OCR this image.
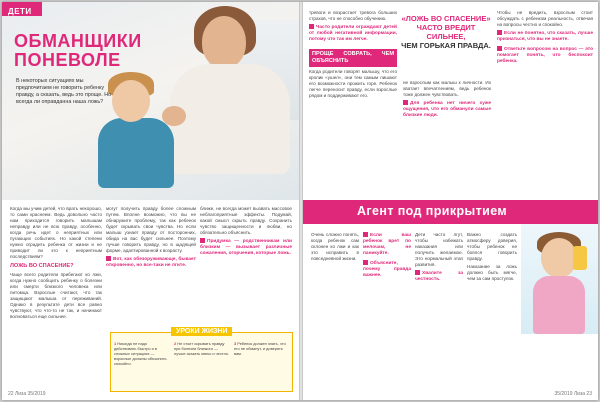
ДЕТИ
ОБМАНЩИКИ ПОНЕВОЛЕ
В некоторых ситуациях мы предпочитаем не говорить ребенку правду, а сказать, ведь это проще. Но всегда ли оправданна наша ложь?

Когда мы учим детей, что врать нехорошо, то сами краснеем. Ведь довольно часто нам приходится говорить малышам неправду или не всю правду, особенно, когда речь идет о неприятных или пугающих событиях. Но какой степени нужно оградить ребенка от жизни и не приводит ли это к неприятным последствиям?

ЛОЖЬ ВО СПАСЕНИЕ?

Чаще всего родители прибегают ко лжи, когда нужно сообщить ребенку о болезни или смерти близкого человека или питомца. Взрослые считают, что так защищают малыша от переживаний. Однако в результате дети все равно чувствуют, что что-то не так, и начинают волноваться еще сильнее.

могут получить правду более сложным путем. Вполне возможно, что вы не обнаружите проблему, так как ребенок будет скрывать свои чувства. Но если малыш узнает правду от посторонних, обида на вас будет сильнее. Поэтому лучше говорить правду, но в щадящей форме, адаптированной к возрасту.

Вот, как обезоруживающе, бывает откровенно, но все-таки не лгите.

ближе, не всегда может вызвать массовое неблагоприятные эффекты. Подумай, какой смысл скрыть правду. Сохранить чувство защищенности и любви, но обязательно объяснить.

Придумка — родственникам или близким — вызывает различные сожаления, огорчения, которые ложь.
УРОКИ ЖИЗНИ
1 Никогда не надо действовать быстро и в сложных ситуациях — взрослые должны объяснить спокойно.
2 Не стоит скрывать правду при болезни близкого — лучше сказать мягко и честно.
3 Ребенок должен знать, что его не обманут, и доверять вам.
22 Лиза 35/2019

тревоги и возрастает тревога больших страхов, что не способно обучению.

Часто родители ограждают детей от любой негативной информации, потому что так им легче.
ПРОЩЕ СОВРАТЬ, ЧЕМ ОБЪЯСНИТЬ

Когда родители говорят малышу, что его кролик «ушел», они тем самым лишают его возможности прожить горе. Ребенок легче переносит правду, если взрослые рядом и поддерживают его.

«ЛОЖЬ ВО СПАСЕНИЕ»
ЧАСТО ВРЕДИТ СИЛЬНЕЕ,
ЧЕМ ГОРЬКАЯ ПРАВДА.

не взрослым как малыш к личности. Их хватает впечатлениям, ведь ребенок тоже должен чувствовать.

Для ребенка нет ничего хуже ощущения, что его обманули самые близкие люди.

Чтобы не вредить, взрослым стоит обсуждать с ребенком реальность, отвечая на вопросы честно и спокойно.

Если не понятно, что сказать, лучше признаться, что вы не знаете.
Ответьте вопросом на вопрос — это помогает понять, что беспокоит ребенка.
Агент под прикрытием

Очень сложно понять, когда ребенок сам склонен ко лжи и как это исправить в повседневной жизни.

Если ваш ребенок врет по мелочам, не паникуйте.
Объясните, почему правда важнее.

Дети часто лгут, чтобы избежать наказания или получить желаемое. Это нормальный этап развития.

Хвалите за честность.

Важно создать атмосферу доверия, чтобы ребенок не боялся говорить правду.

Наказание за ложь должно быть мягче, чем за сам проступок.

35/2019 Лиза 23
